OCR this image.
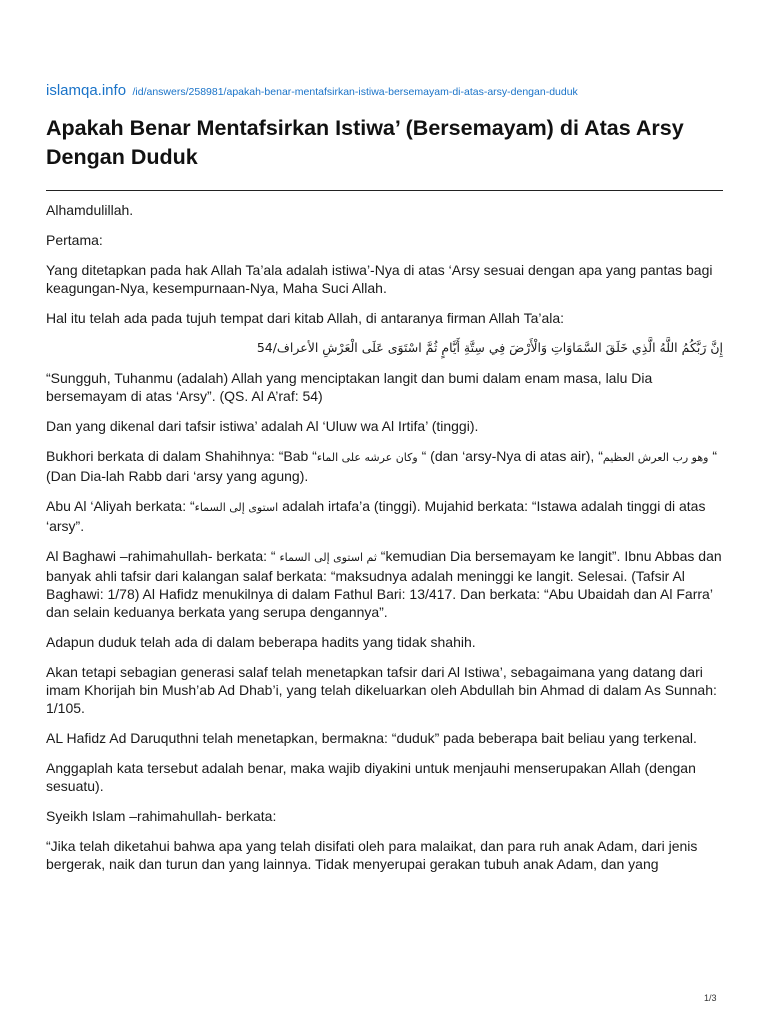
islamqa.info /id/answers/258981/apakah-benar-mentafsirkan-istiwa-bersemayam-di-atas-arsy-dengan-duduk
Apakah Benar Mentafsirkan Istiwa’ (Bersemayam) di Atas Arsy Dengan Duduk

Alhamdulillah.

Pertama:

Yang ditetapkan pada hak Allah Ta’ala adalah istiwa’-Nya di atas ‘Arsy sesuai dengan apa yang pantas bagi keagungan-Nya, kesempurnaan-Nya, Maha Suci Allah.

Hal itu telah ada pada tujuh tempat dari kitab Allah, di antaranya firman Allah Ta’ala:

إِنَّ رَبَّكُمُ اللَّهُ الَّذِي خَلَقَ السَّمَاوَاتِ وَالْأَرْضَ فِي سِتَّةِ أَيَّامٍ ثُمَّ اسْتَوَى عَلَى الْعَرْشِ الأعراف/54

“Sungguh, Tuhanmu (adalah) Allah yang menciptakan langit dan bumi dalam enam masa, lalu Dia bersemayam di atas ‘Arsy”. (QS. Al A’raf: 54)

Dan yang dikenal dari tafsir istiwa’ adalah Al ‘Uluw wa Al Irtifa’ (tinggi).

Bukhori berkata di dalam Shahihnya: “Bab “وكان عرشه على الماء “ (dan ‘arsy-Nya di atas air), “وهو رب العرش العظيم “ (Dan Dia-lah Rabb dari ‘arsy yang agung).

Abu Al ‘Aliyah berkata: “استوى إلى السماء adalah irtafa’a (tinggi). Mujahid berkata: “Istawa adalah tinggi di atas ‘arsy”.

Al Baghawi –rahimahullah- berkata: “ ثم استوى إلى السماء “kemudian Dia bersemayam ke langit”. Ibnu Abbas dan banyak ahli tafsir dari kalangan salaf berkata: “maksudnya adalah meninggi ke langit. Selesai. (Tafsir Al Baghawi: 1/78) Al Hafidz menukilnya di dalam Fathul Bari: 13/417. Dan berkata: “Abu Ubaidah dan Al Farra’ dan selain keduanya berkata yang serupa dengannya”.

Adapun duduk telah ada di dalam beberapa hadits yang tidak shahih.

Akan tetapi sebagian generasi salaf telah menetapkan tafsir dari Al Istiwa’, sebagaimana yang datang dari imam Khorijah bin Mush’ab Ad Dhab’i, yang telah dikeluarkan oleh Abdullah bin Ahmad di dalam As Sunnah: 1/105.

AL Hafidz Ad Daruquthni telah menetapkan, bermakna: “duduk” pada beberapa bait beliau yang terkenal.

Anggaplah kata tersebut adalah benar, maka wajib diyakini untuk menjauhi menserupakan Allah (dengan sesuatu).

Syeikh Islam –rahimahullah- berkata:

“Jika telah diketahui bahwa apa yang telah disifati oleh para malaikat, dan para ruh anak Adam, dari jenis bergerak, naik dan turun dan yang lainnya. Tidak menyerupai gerakan tubuh anak Adam, dan yang

1/3
